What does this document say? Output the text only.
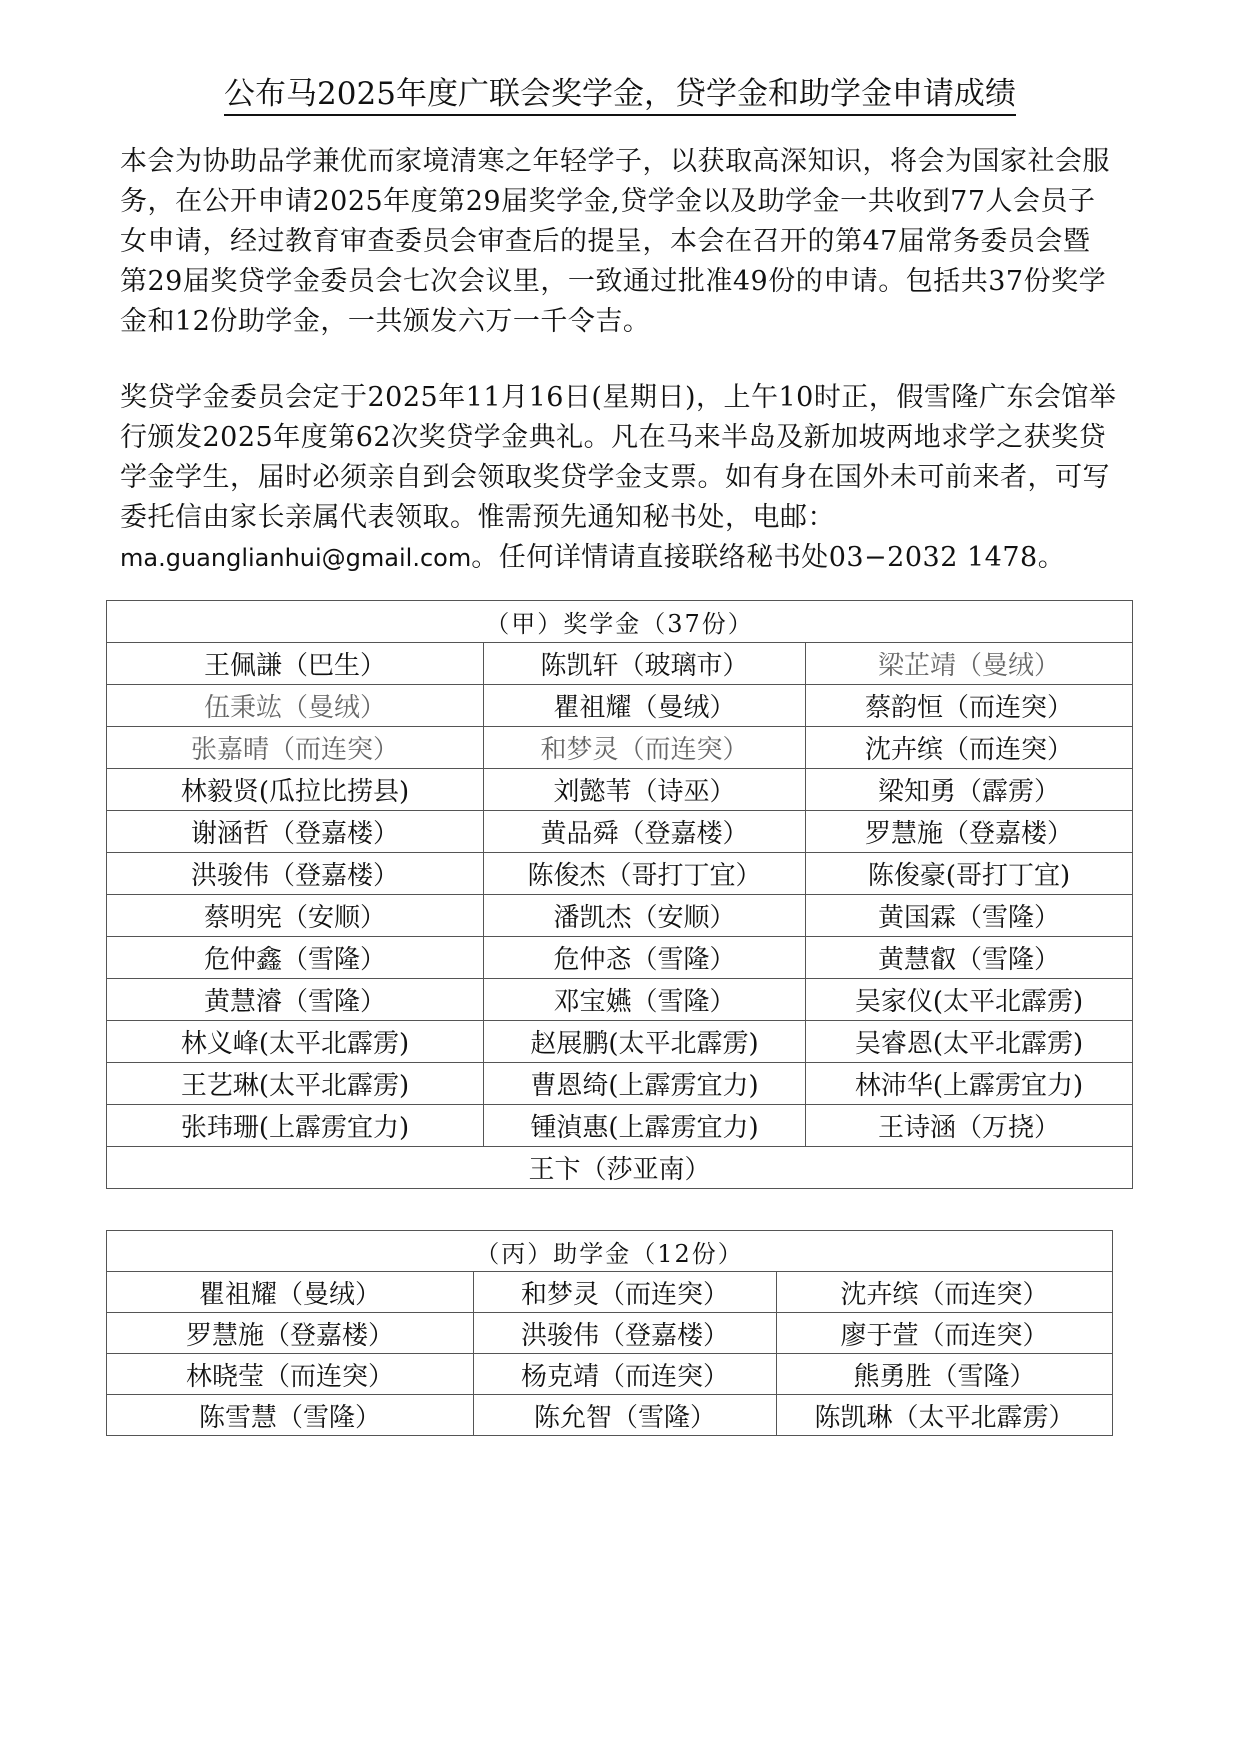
公布马2025年度广联会奖学金，贷学金和助学金申请成绩

本会为协助品学兼优而家境清寒之年轻学子，以获取高深知识，将会为国家社会服务，在公开申请2025年度第29届奖学金,贷学金以及助学金一共收到77人会员子女申请，经过教育审查委员会审查后的提呈，本会在召开的第47届常务委员会暨 第29届奖贷学金委员会七次会议里，一致通过批准49份的申请。包括共37份奖学金和12份助学金，一共颁发六万一千令吉。

奖贷学金委员会定于2025年11月16日(星期日)，上午10时正，假雪隆广东会馆举行颁发2025年度第62次奖贷学金典礼。凡在马来半岛及新加坡两地求学之获奖贷学金学生，届时必须亲自到会领取奖贷学金支票。如有身在国外未可前来者，可写委托信由家长亲属代表领取。惟需预先通知秘书处，电邮：ma.guanglianhui@gmail.com。任何详情请直接联络秘书处03−2032 1478。

（甲）奖学金（37份）		
王佩謙（巴生）	陈凯轩（玻璃市）	梁芷靖（曼绒）
伍秉竑（曼绒）	瞿祖耀（曼绒）	蔡韵恒（而连突）
张嘉晴（而连突）	和梦灵（而连突）	沈卉缤（而连突）
林毅贤(瓜拉比捞县)	刘懿苇（诗巫）	梁知勇（霹雳）
谢涵哲（登嘉楼）	黄品舜（登嘉楼）	罗慧施（登嘉楼）
洪骏伟（登嘉楼）	陈俊杰（哥打丁宜）	陈俊豪(哥打丁宜)
蔡明宪（安顺）	潘凯杰（安顺）	黄国霖（雪隆）
危仲鑫（雪隆）	危仲忞（雪隆）	黄慧叡（雪隆）
黄慧濬（雪隆）	邓宝嬿（雪隆）	吴家仪(太平北霹雳)
林义峰(太平北霹雳)	赵展鹏(太平北霹雳)	吴睿恩(太平北霹雳)
王艺琳(太平北霹雳)	曹恩绮(上霹雳宜力)	林沛华(上霹雳宜力)
张玮珊(上霹雳宜力)	锺湞惠(上霹雳宜力)	王诗涵（万挠）
王卞（莎亚南）		
（丙）助学金（12份）		
瞿祖耀（曼绒）	和梦灵（而连突）	沈卉缤（而连突）
罗慧施（登嘉楼）	洪骏伟（登嘉楼）	廖于萱（而连突）
林晓莹（而连突）	杨克靖（而连突）	熊勇胜（雪隆）
陈雪慧（雪隆）	陈允智（雪隆）	陈凯琳（太平北霹雳）
